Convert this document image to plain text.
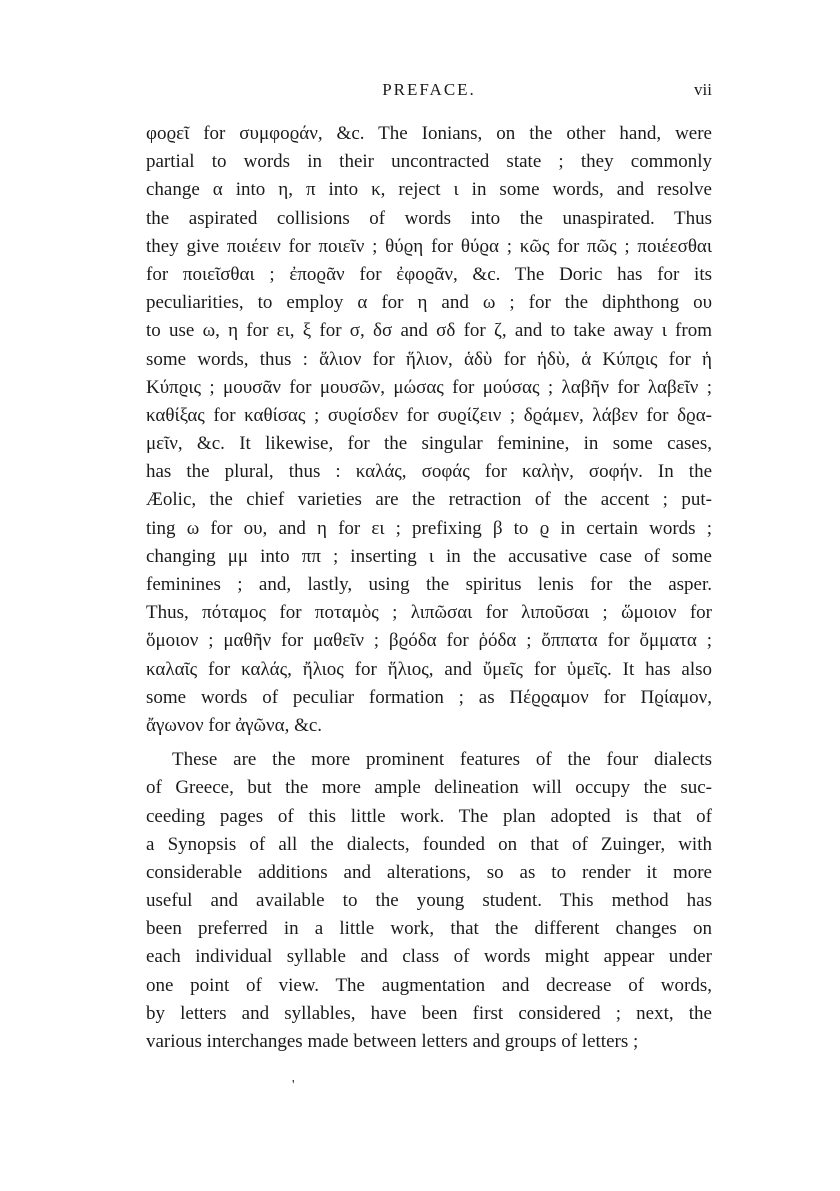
PREFACE.	vii
φοϱεῖ for συμφοϱάν, &c. The Ionians, on the other hand, were
partial to words in their uncontracted state ; they commonly
change α into η, π into κ, reject ι in some words, and resolve
the aspirated collisions of words into the unaspirated. Thus
they give ποιέειν for ποιεῖν ; θύϱη for θύϱα ; κῶς for πῶς ; ποιέεσθαι
for ποιεῖσθαι ; ἐποϱᾶν for ἐφοϱᾶν, &c. The Doric has for its
peculiarities, to employ α for η and ω ; for the diphthong ου
to use ω, η for ει, ξ for σ, δσ and σδ for ζ, and to take away ι from
some words, thus : ἅλιον for ἥλιον, ἁδὺ for ἡδὺ, ἁ Κύπϱις for ἡ
Κύπϱις ; μουσᾶν for μουσῶν, μώσας for μούσας ; λαβῆν for λαβεῖν ;
καθίξας for καθίσας ; συϱίσδεν for συϱίζειν ; δϱάμεν, λάβεν for δϱα-
μεῖν, &c. It likewise, for the singular feminine, in some cases,
has the plural, thus : καλάς, σοφάς for καλὴν, σοφήν. In the
Æolic, the chief varieties are the retraction of the accent ; put-
ting ω for ου, and η for ει ; prefixing β to ϱ in certain words ;
changing μμ into ππ ; inserting ι in the accusative case of some
feminines ; and, lastly, using the spiritus lenis for the asper.
Thus, πόταμος for ποταμὸς ; λιπῶσαι for λιποῦσαι ; ὥμοιον for
ὅμοιον ; μαθῆν for μαθεῖν ; βϱόδα for ῥόδα ; ὄππατα for ὄμματα ;
καλαῖς for καλάς, ἤλιος for ἥλιος, and ὔμεῖς for ὑμεῖς. It has also
some words of peculiar formation ; as Πέϱϱαμον for Πϱίαμον,
ἄγωνον for ἀγῶνα, &c.
These are the more prominent features of the four dialects
of Greece, but the more ample delineation will occupy the suc-
ceeding pages of this little work. The plan adopted is that of
a Synopsis of all the dialects, founded on that of Zuinger, with
considerable additions and alterations, so as to render it more
useful and available to the young student. This method has
been preferred in a little work, that the different changes on
each individual syllable and class of words might appear under
one point of view. The augmentation and decrease of words,
by letters and syllables, have been first considered ; next, the
various interchanges made between letters and groups of letters ;
'
